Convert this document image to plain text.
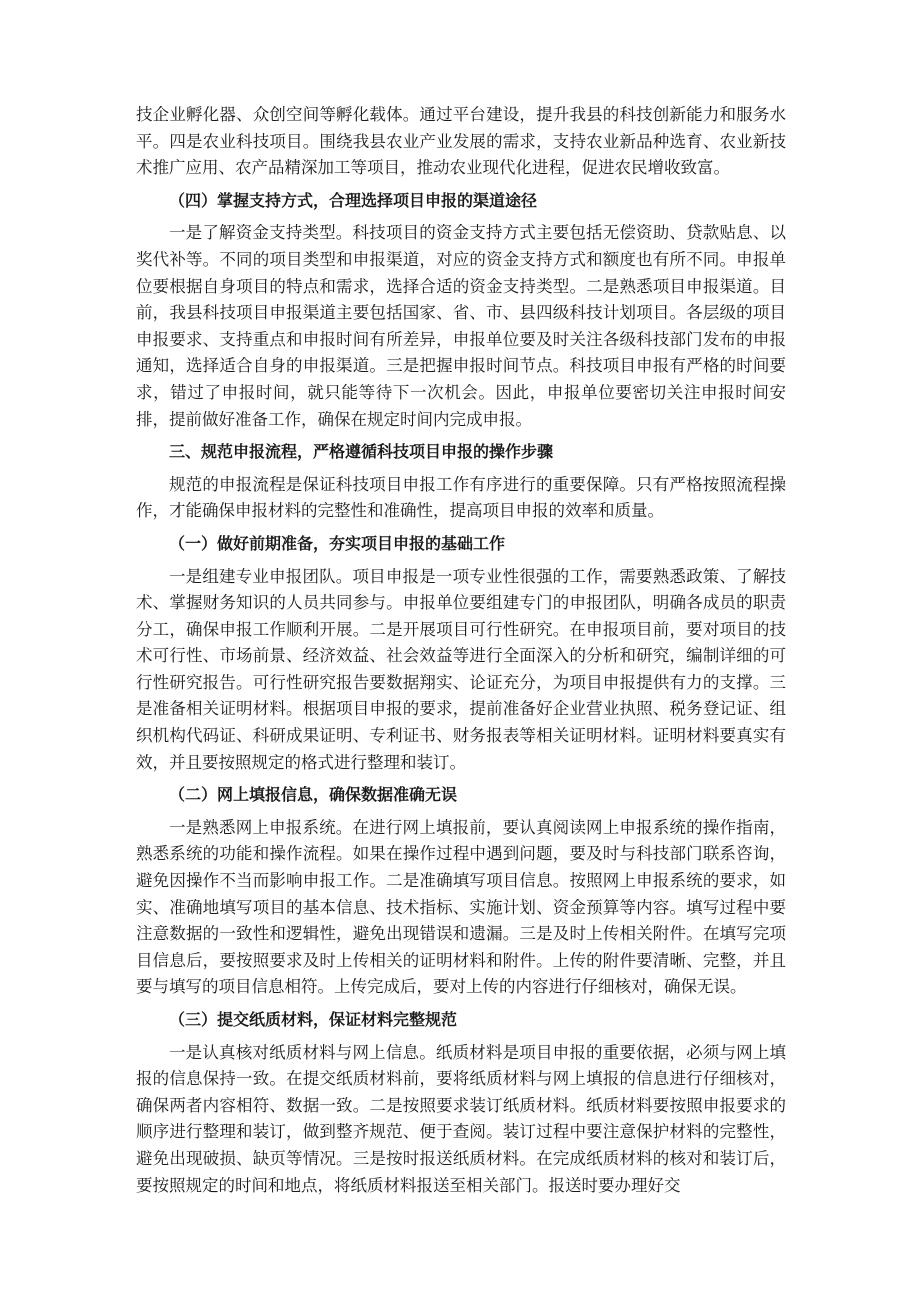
技企业孵化器、众创空间等孵化载体。通过平台建设，提升我县的科技创新能力和服务水平。四是农业科技项目。围绕我县农业产业发展的需求，支持农业新品种选育、农业新技术推广应用、农产品精深加工等项目，推动农业现代化进程，促进农民增收致富。

（四）掌握支持方式，合理选择项目申报的渠道途径

一是了解资金支持类型。科技项目的资金支持方式主要包括无偿资助、贷款贴息、以奖代补等。不同的项目类型和申报渠道，对应的资金支持方式和额度也有所不同。申报单位要根据自身项目的特点和需求，选择合适的资金支持类型。二是熟悉项目申报渠道。目前，我县科技项目申报渠道主要包括国家、省、市、县四级科技计划项目。各层级的项目申报要求、支持重点和申报时间有所差异，申报单位要及时关注各级科技部门发布的申报通知，选择适合自身的申报渠道。三是把握申报时间节点。科技项目申报有严格的时间要求，错过了申报时间，就只能等待下一次机会。因此，申报单位要密切关注申报时间安排，提前做好准备工作，确保在规定时间内完成申报。

三、规范申报流程，严格遵循科技项目申报的操作步骤

规范的申报流程是保证科技项目申报工作有序进行的重要保障。只有严格按照流程操作，才能确保申报材料的完整性和准确性，提高项目申报的效率和质量。

（一）做好前期准备，夯实项目申报的基础工作

一是组建专业申报团队。项目申报是一项专业性很强的工作，需要熟悉政策、了解技术、掌握财务知识的人员共同参与。申报单位要组建专门的申报团队，明确各成员的职责分工，确保申报工作顺利开展。二是开展项目可行性研究。在申报项目前，要对项目的技术可行性、市场前景、经济效益、社会效益等进行全面深入的分析和研究，编制详细的可行性研究报告。可行性研究报告要数据翔实、论证充分，为项目申报提供有力的支撑。三是准备相关证明材料。根据项目申报的要求，提前准备好企业营业执照、税务登记证、组织机构代码证、科研成果证明、专利证书、财务报表等相关证明材料。证明材料要真实有效，并且要按照规定的格式进行整理和装订。

（二）网上填报信息，确保数据准确无误

一是熟悉网上申报系统。在进行网上填报前，要认真阅读网上申报系统的操作指南，熟悉系统的功能和操作流程。如果在操作过程中遇到问题，要及时与科技部门联系咨询，避免因操作不当而影响申报工作。二是准确填写项目信息。按照网上申报系统的要求，如实、准确地填写项目的基本信息、技术指标、实施计划、资金预算等内容。填写过程中要注意数据的一致性和逻辑性，避免出现错误和遗漏。三是及时上传相关附件。在填写完项目信息后，要按照要求及时上传相关的证明材料和附件。上传的附件要清晰、完整，并且要与填写的项目信息相符。上传完成后，要对上传的内容进行仔细核对，确保无误。

（三）提交纸质材料，保证材料完整规范

一是认真核对纸质材料与网上信息。纸质材料是项目申报的重要依据，必须与网上填报的信息保持一致。在提交纸质材料前，要将纸质材料与网上填报的信息进行仔细核对，确保两者内容相符、数据一致。二是按照要求装订纸质材料。纸质材料要按照申报要求的顺序进行整理和装订，做到整齐规范、便于查阅。装订过程中要注意保护材料的完整性，避免出现破损、缺页等情况。三是按时报送纸质材料。在完成纸质材料的核对和装订后，要按照规定的时间和地点，将纸质材料报送至相关部门。报送时要办理好交
